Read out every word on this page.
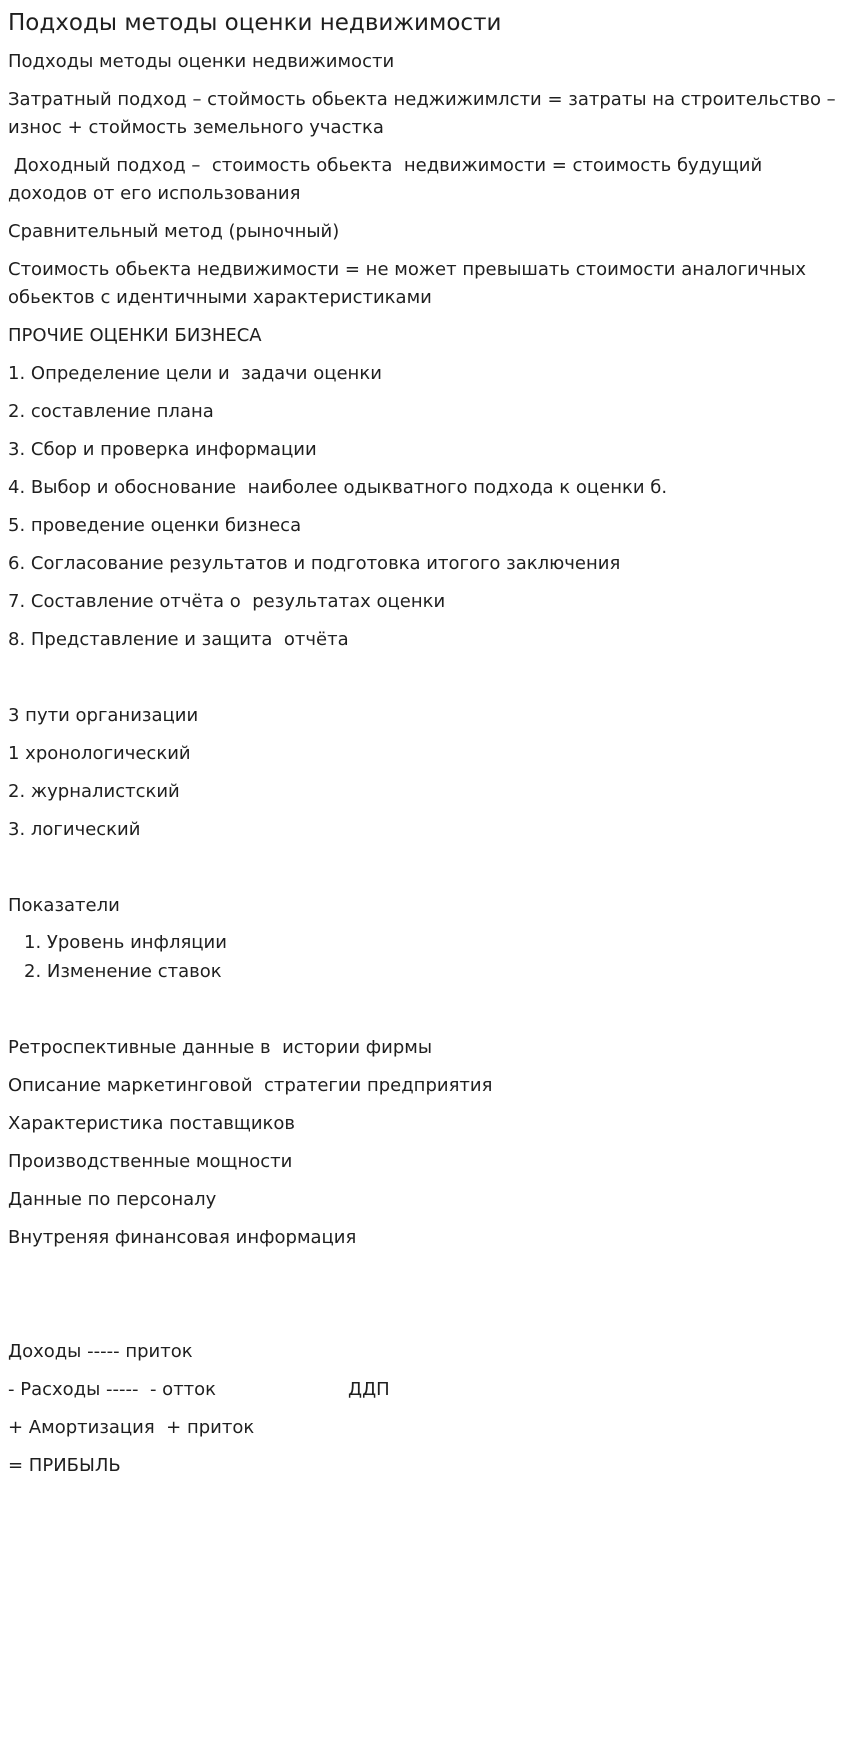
Подходы методы оценки недвижимости
Подходы методы оценки недвижимости
Затратный подход – стоймость обьекта неджижимлсти = затраты на строительство – износ + стоймость земельного участка
Доходный подход –  стоимость обьекта  недвижимости = стоимость будущий доходов от его использования
Сравнительный метод (рыночный)
Стоимость обьекта недвижимости = не может превышать стоимости аналогичных обьектов с идентичными характеристиками
ПРОЧИЕ ОЦЕНКИ БИЗНЕСА
1. Определение цели и  задачи оценки
2. составление плана
3. Сбор и проверка информации
4. Выбор и обоснование  наиболее одыкватного подхода к оценки б.
5. проведение оценки бизнеса
6. Согласование результатов и подготовка итогого заключения
7. Составление отчёта о  результатах оценки
8. Представление и защита  отчёта
3 пути организации
1 хронологический
2. журналистский
3. логический
Показатели
1. Уровень инфляции
2. Изменение ставок
Ретроспективные данные в  истории фирмы
Описание маркетинговой  стратегии предприятия
Характеристика поставщиков
Производственные мощности
Данные по персоналу
Внутреняя финансовая информация
Доходы ----- приток
- Расходы -----  - отток	ДДП
+ Амортизация  + приток
= ПРИБЫЛЬ
